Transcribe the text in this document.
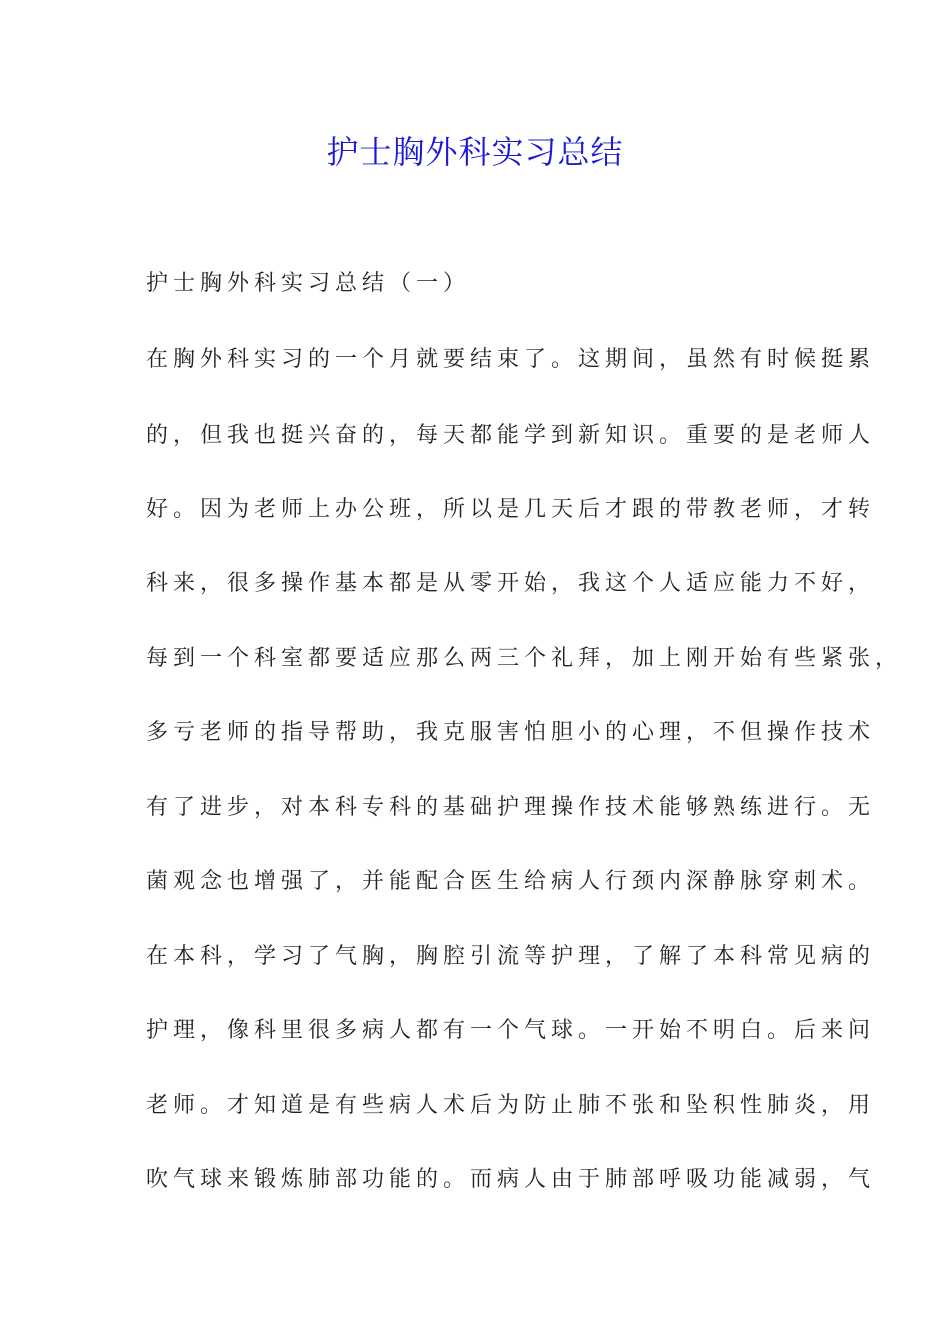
护士胸外科实习总结
护士胸外科实习总结（一）
在胸外科实习的一个月就要结束了。这期间，虽然有时候挺累
的，但我也挺兴奋的，每天都能学到新知识。重要的是老师人
好。因为老师上办公班，所以是几天后才跟的带教老师，才转
科来，很多操作基本都是从零开始，我这个人适应能力不好，
每到一个科室都要适应那么两三个礼拜，加上刚开始有些紧张，
多亏老师的指导帮助，我克服害怕胆小的心理，不但操作技术
有了进步，对本科专科的基础护理操作技术能够熟练进行。无
菌观念也增强了，并能配合医生给病人行颈内深静脉穿刺术。
在本科，学习了气胸，胸腔引流等护理，了解了本科常见病的
护理，像科里很多病人都有一个气球。一开始不明白。后来问
老师。才知道是有些病人术后为防止肺不张和坠积性肺炎，用
吹气球来锻炼肺部功能的。而病人由于肺部呼吸功能减弱，气
